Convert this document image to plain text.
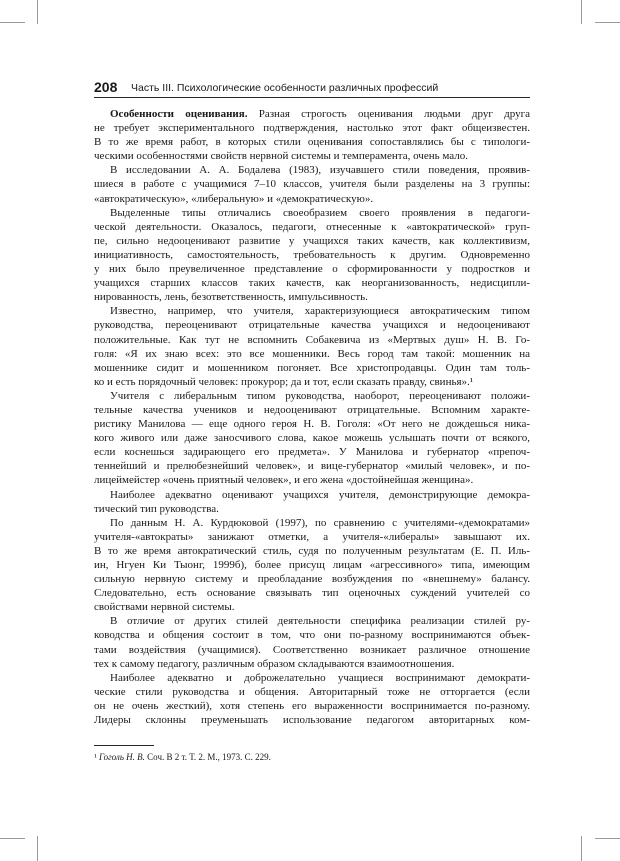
208 Часть III. Психологические особенности различных профессий
Особенности оценивания. Разная строгость оценивания людьми друг друга
не требует экспериментального подтверждения, настолько этот факт общеизвестен.
В то же время работ, в которых стили оценивания сопоставлялись бы с типологи-
ческими особенностями свойств нервной системы и темперамента, очень мало.
В исследовании А. А. Бодалева (1983), изучавшего стили поведения, проявив-
шиеся в работе с учащимися 7–10 классов, учителя были разделены на 3 группы:
«автократическую», «либеральную» и «демократическую».
Выделенные типы отличались своеобразием своего проявления в педагоги-
ческой деятельности. Оказалось, педагоги, отнесенные к «автократической» груп-
пе, сильно недооценивают развитие у учащихся таких качеств, как коллективизм,
инициативность, самостоятельность, требовательность к другим. Одновременно
у них было преувеличенное представление о сформированности у подростков и
учащихся старших классов таких качеств, как неорганизованность, недисципли-
нированность, лень, безответственность, импульсивность.
Известно, например, что учителя, характеризующиеся автократическим типом
руководства, переоценивают отрицательные качества учащихся и недооценивают
положительные. Как тут не вспомнить Собакевича из «Мертвых душ» Н. В. Го-
голя: «Я их знаю всех: это все мошенники. Весь город там такой: мошенник на
мошеннике сидит и мошенником погоняет. Все христопродавцы. Один там толь-
ко и есть порядочный человек: прокурор; да и тот, если сказать правду, свинья».¹
Учителя с либеральным типом руководства, наоборот, переоценивают положи-
тельные качества учеников и недооценивают отрицательные. Вспомним характе-
ристику Манилова — еще одного героя Н. В. Гоголя: «От него не дождешься ника-
кого живого или даже заносчивого слова, какое можешь услышать почти от всякого,
если коснешься задирающего его предмета». У Манилова и губернатор «препоч-
теннейший и прелюбезнейший человек», и вице-губернатор «милый человек», и по-
лицеймейстер «очень приятный человек», и его жена «достойнейшая женщина».
Наиболее адекватно оценивают учащихся учителя, демонстрирующие демокра-
тический тип руководства.
По данным Н. А. Курдюковой (1997), по сравнению с учителями-«демократами»
учителя-«автократы» занижают отметки, а учителя-«либералы» завышают их.
В то же время автократический стиль, судя по полученным результатам (Е. П. Иль-
ин, Нгуен Ки Тыонг, 1999б), более присущ лицам «агрессивного» типа, имеющим
сильную нервную систему и преобладание возбуждения по «внешнему» балансу.
Следовательно, есть основание связывать тип оценочных суждений учителей со
свойствами нервной системы.
В отличие от других стилей деятельности специфика реализации стилей ру-
ководства и общения состоит в том, что они по-разному воспринимаются объек-
тами воздействия (учащимися). Соответственно возникает различное отношение
тех к самому педагогу, различным образом складываются взаимоотношения.
Наиболее адекватно и доброжелательно учащиеся воспринимают демократи-
ческие стили руководства и общения. Авторитарный тоже не отторгается (если
он не очень жесткий), хотя степень его выраженности воспринимается по-разному.
Лидеры склонны преуменьшать использование педагогом авторитарных ком-
¹ Гоголь Н. В. Соч. В 2 т. Т. 2. М., 1973. С. 229.
